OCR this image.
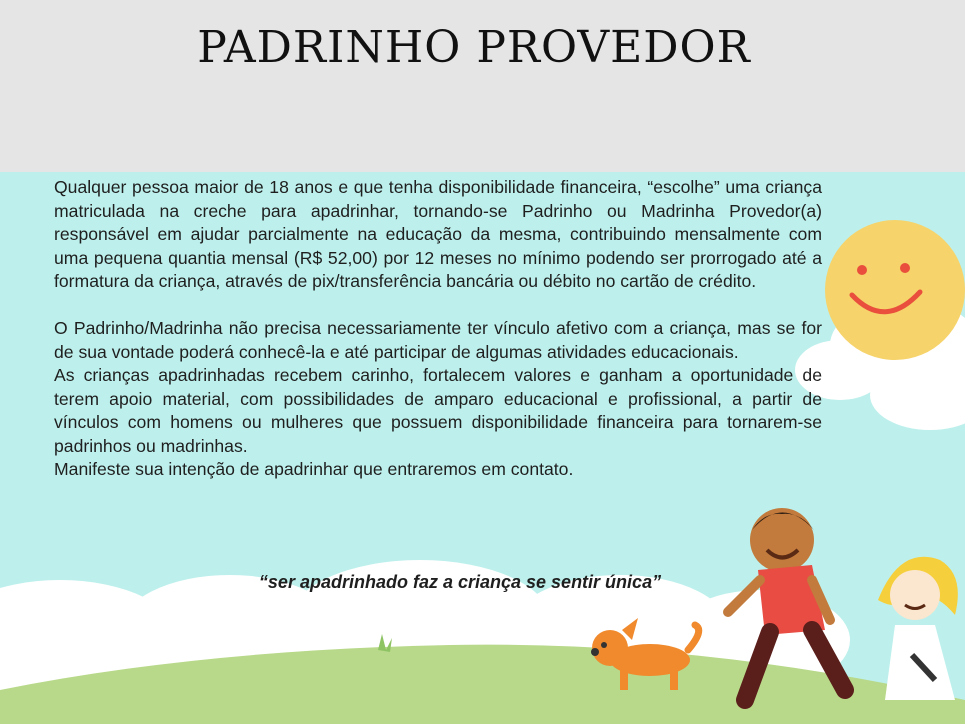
PADRINHO PROVEDOR

Qualquer pessoa maior de 18 anos e que tenha disponibilidade financeira, “escolhe” uma criança matriculada na creche para apadrinhar, tornando-se Padrinho ou Madrinha Provedor(a) responsável em ajudar parcialmente na educação da mesma, contribuindo mensalmente com uma pequena quantia mensal (R$ 52,00) por 12 meses no mínimo podendo ser prorrogado até a formatura da criança, através de pix/transferência bancária ou débito no cartão de crédito.

O Padrinho/Madrinha não precisa necessariamente ter vínculo afetivo com a criança, mas se for de sua vontade poderá conhecê-la e até participar de algumas atividades educacionais.

As crianças apadrinhadas recebem carinho, fortalecem valores e ganham a oportunidade de terem apoio material, com possibilidades de amparo educacional e profissional, a partir de vínculos com homens ou mulheres que possuem disponibilidade financeira para tornarem-se padrinhos ou madrinhas.

Manifeste sua intenção de apadrinhar que entraremos em contato.

“ser apadrinhado faz a criança se sentir única”
